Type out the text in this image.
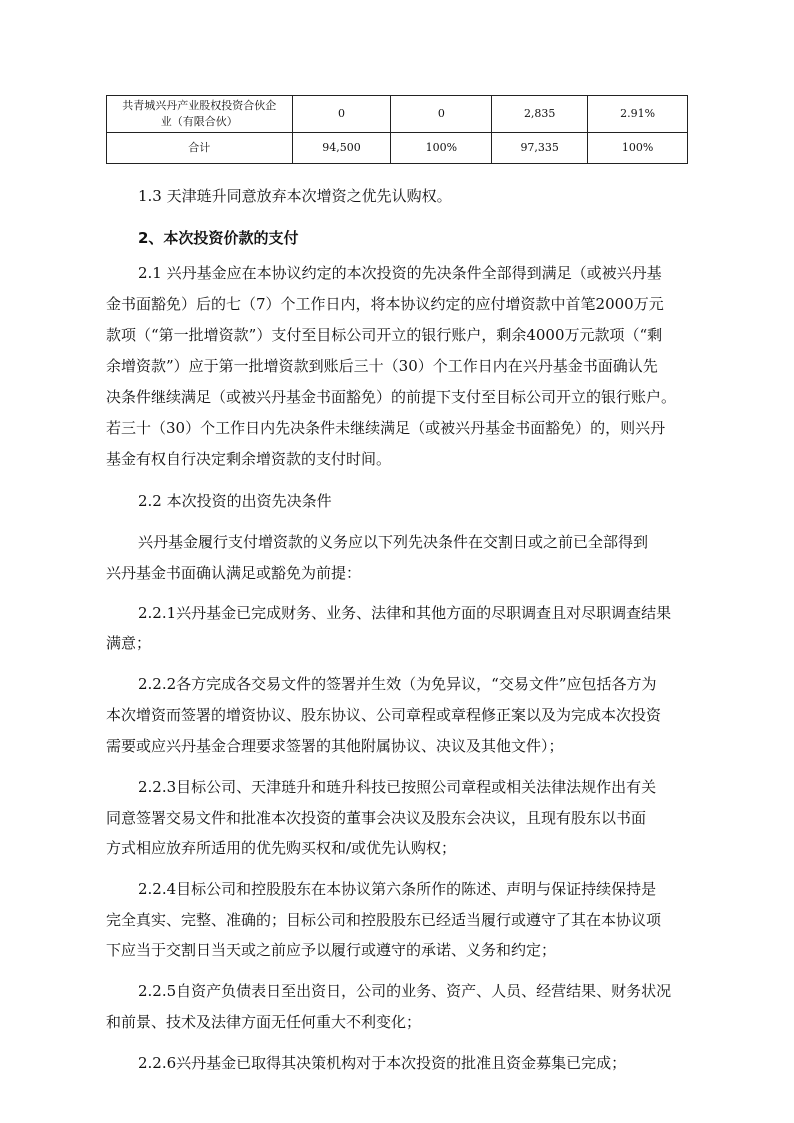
共青城兴丹产业股权投资合伙企
业（有限合伙）	0	0	2,835	2.91%
合计	94,500	100%	97,335	100%
1.3 天津琏升同意放弃本次增资之优先认购权。
2、本次投资价款的支付
2.1 兴丹基金应在本协议约定的本次投资的先决条件全部得到满足（或被兴丹基
金书面豁免）后的七（7）个工作日内，将本协议约定的应付增资款中首笔2000万元
款项（“第一批增资款”）支付至目标公司开立的银行账户，剩余4000万元款项（“剩
余增资款”）应于第一批增资款到账后三十（30）个工作日内在兴丹基金书面确认先
决条件继续满足（或被兴丹基金书面豁免）的前提下支付至目标公司开立的银行账户。
若三十（30）个工作日内先决条件未继续满足（或被兴丹基金书面豁免）的，则兴丹
基金有权自行决定剩余增资款的支付时间。
2.2 本次投资的出资先决条件
兴丹基金履行支付增资款的义务应以下列先决条件在交割日或之前已全部得到
兴丹基金书面确认满足或豁免为前提：
2.2.1兴丹基金已完成财务、业务、法律和其他方面的尽职调查且对尽职调查结果
满意；
2.2.2各方完成各交易文件的签署并生效（为免异议，“交易文件”应包括各方为
本次增资而签署的增资协议、股东协议、公司章程或章程修正案以及为完成本次投资
需要或应兴丹基金合理要求签署的其他附属协议、决议及其他文件）；
2.2.3目标公司、天津琏升和琏升科技已按照公司章程或相关法律法规作出有关
同意签署交易文件和批准本次投资的董事会决议及股东会决议，且现有股东以书面
方式相应放弃所适用的优先购买权和/或优先认购权；
2.2.4目标公司和控股股东在本协议第六条所作的陈述、声明与保证持续保持是
完全真实、完整、准确的；目标公司和控股股东已经适当履行或遵守了其在本协议项
下应当于交割日当天或之前应予以履行或遵守的承诺、义务和约定；
2.2.5自资产负债表日至出资日，公司的业务、资产、人员、经营结果、财务状况
和前景、技术及法律方面无任何重大不利变化；
2.2.6兴丹基金已取得其决策机构对于本次投资的批准且资金募集已完成；
